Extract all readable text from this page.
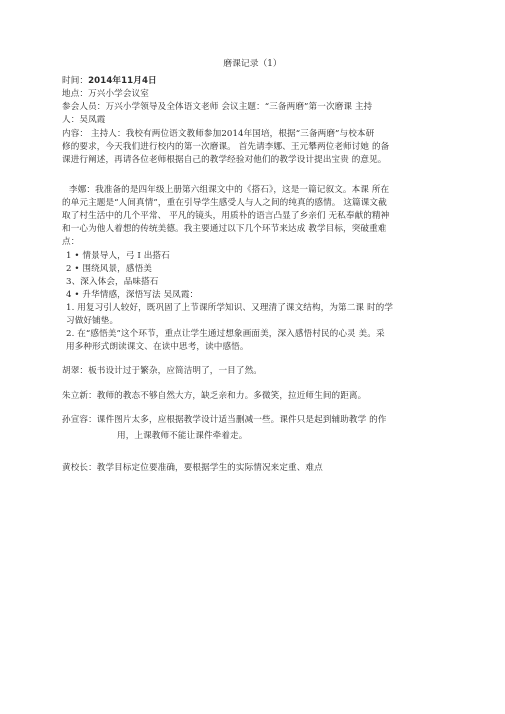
磨课记录（1）
时间：2014年11月4日
地点：万兴小学会议室
参会人员：万兴小学领导及全体语文老师 会议主题：“三备两磨”第一次磨课 主持
人：吴凤霞
内容： 主持人：我校有两位语文教师参加2014年国培，根据“三备两磨”与校本研
修的要求，今天我们进行校内的第一次磨课。 首先请李娜、王元攀两位老师讨她 的备
课进行阐述，再请各位老师根据自己的教学经验对他们的教学设计提出宝贵 的意见。
李娜：我准备的是四年级上册第六组课文中的《搭石》，这是一篇记叙文。本课 所在
的单元主题是“人间真情”，重在引导学生感受人与人之间的纯真的感情。 这篇课文截
取了村生活中的几个平常、 平凡的镜头，用质朴的语言凸显了乡亲们 无私奉献的精神
和一心为他人着想的传统美德。我主要通过以下几个环节来达成 教学目标，突破重难
点：
1 • 情景导人，弓 I 出搭石
2 • 围绕风景，感悟美
3、深入体会，品味搭石
4 • 升华情感，深悟写法 吴凤霞：
1. 用复习引人较好，既巩固了上节课所学知识、又理清了课文结构，为第二课 时的学
习做好铺垫。
2. 在“感悟美”这个环节，重点让学生通过想象画面美，深入感悟村民的心灵 美。采
用多种形式朗读课文、在读中思考，读中感悟。
胡翠：板书设计过于繁杂，应简洁明了，一目了然。
朱立新：教师的教态不够自然大方，缺乏亲和力。多微笑，拉近师生间的距离。
孙宣容：课件图片太多，应根据教学设计适当删减一些。课件只是起到辅助教学 的作
用，上课教师不能让课件牵着走。
黄校长：教学目标定位要准确，要根据学生的实际情况来定重、难点
